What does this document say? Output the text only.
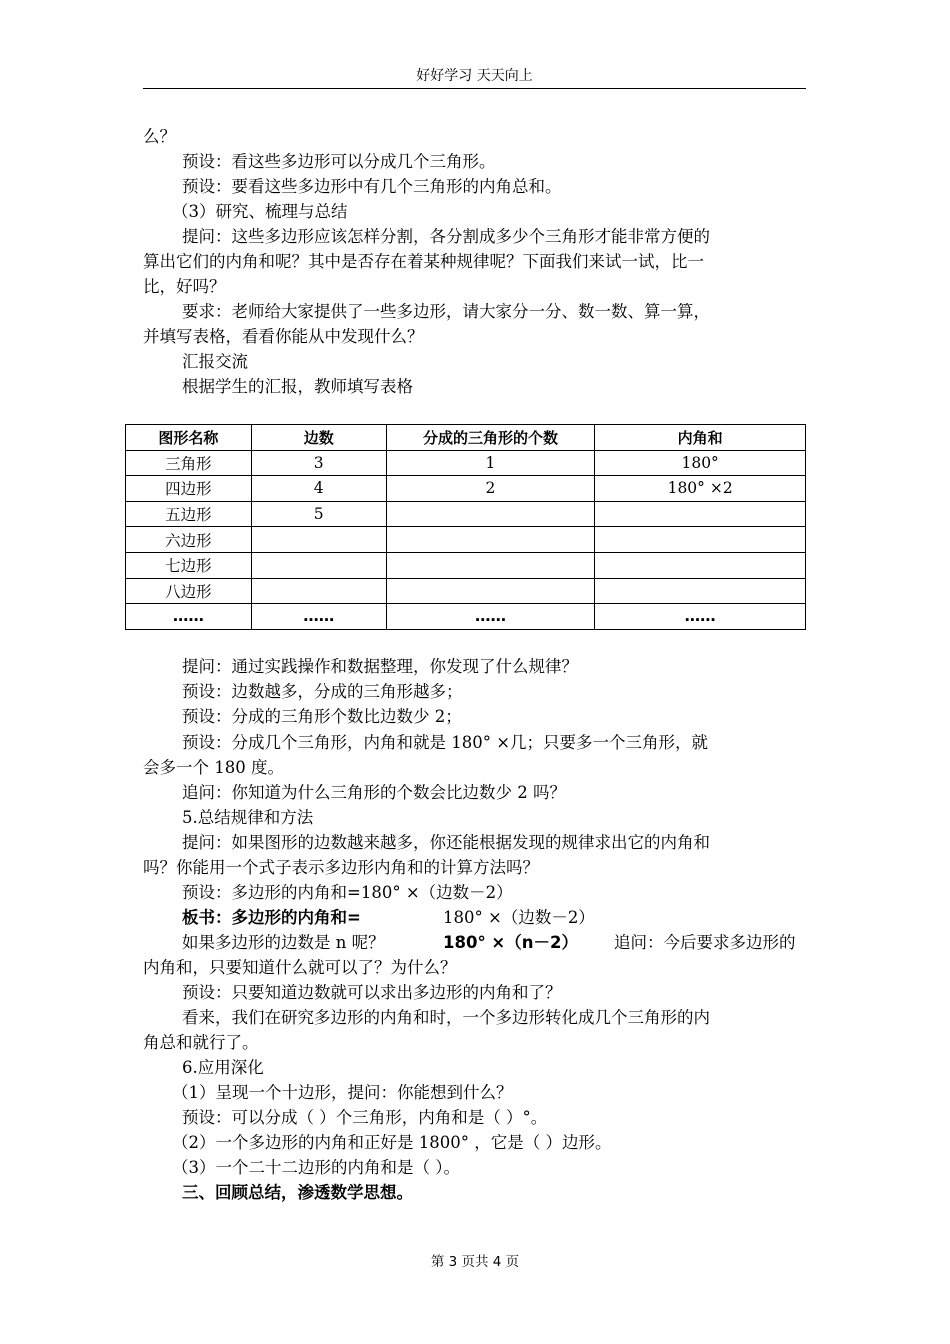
好好学习 天天向上
么？
预设：看这些多边形可以分成几个三角形。
预设：要看这些多边形中有几个三角形的内角总和。
（3）研究、梳理与总结
提问：这些多边形应该怎样分割，各分割成多少个三角形才能非常方便的
算出它们的内角和呢？其中是否存在着某种规律呢？下面我们来试一试，比一
比，好吗？
要求：老师给大家提供了一些多边形，请大家分一分、数一数、算一算，
并填写表格，看看你能从中发现什么？
汇报交流
根据学生的汇报，教师填写表格
图形名称	边数	分成的三角形的个数	内角和
三角形	3	1	180°
四边形	4	2	180° ×2
五边形	5		
六边形			
七边形			
八边形			
……	……	……	……
提问：通过实践操作和数据整理，你发现了什么规律？
预设：边数越多，分成的三角形越多；
预设：分成的三角形个数比边数少 2；
预设：分成几个三角形，内角和就是 180° ×几；只要多一个三角形，就
会多一个 180 度。
追问：你知道为什么三角形的个数会比边数少 2 吗？
5.总结规律和方法
提问：如果图形的边数越来越多，你还能根据发现的规律求出它的内角和
吗？你能用一个式子表示多边形内角和的计算方法吗？
预设：多边形的内角和=180° ×（边数－2）
板书：多边形的内角和=	180° ×（边数－2）
如果多边形的边数是 n 呢？	180° ×（n－2） 追问：今后要求多边形的
内角和，只要知道什么就可以了？为什么？
预设：只要知道边数就可以求出多边形的内角和了？
看来，我们在研究多边形的内角和时，一个多边形转化成几个三角形的内
角总和就行了。
6.应用深化
（1）呈现一个十边形，提问：你能想到什么？
预设：可以分成（ ）个三角形，内角和是（ ）°。
（2）一个多边形的内角和正好是 1800° ，它是（ ）边形。
（3）一个二十二边形的内角和是（ ）。
三、回顾总结，渗透数学思想。
第 3 页共 4 页
